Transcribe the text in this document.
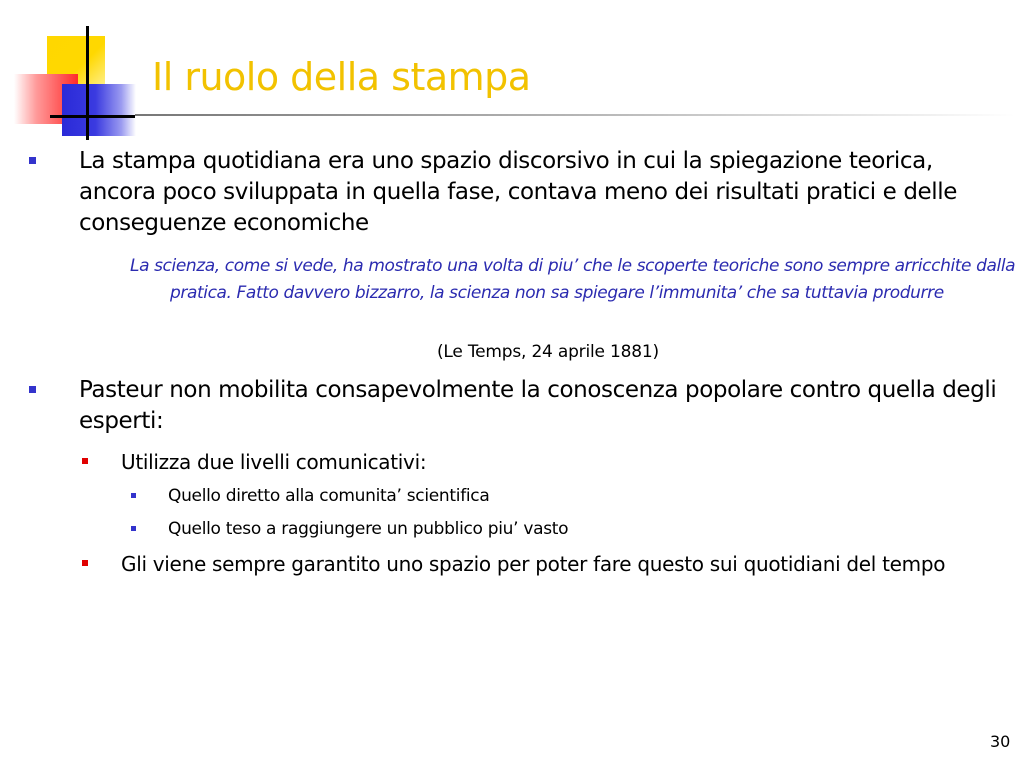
Il ruolo della stampa
La stampa quotidiana era uno spazio discorsivo in cui la spiegazione teorica, ancora poco sviluppata in quella fase, contava meno dei risultati pratici e delle conseguenze economiche
La scienza, come si vede, ha mostrato una volta di piu’ che le scoperte teoriche sono sempre arricchite dalla pratica. Fatto davvero bizzarro, la scienza non sa spiegare l’immunita’ che sa tuttavia produrre
(Le Temps, 24 aprile 1881)
Pasteur non mobilita consapevolmente la conoscenza popolare contro quella degli esperti:
Utilizza due livelli comunicativi:
Quello diretto alla comunita’ scientifica
Quello teso a raggiungere un pubblico piu’ vasto
Gli viene sempre garantito uno spazio per poter fare questo sui quotidiani del tempo
30
